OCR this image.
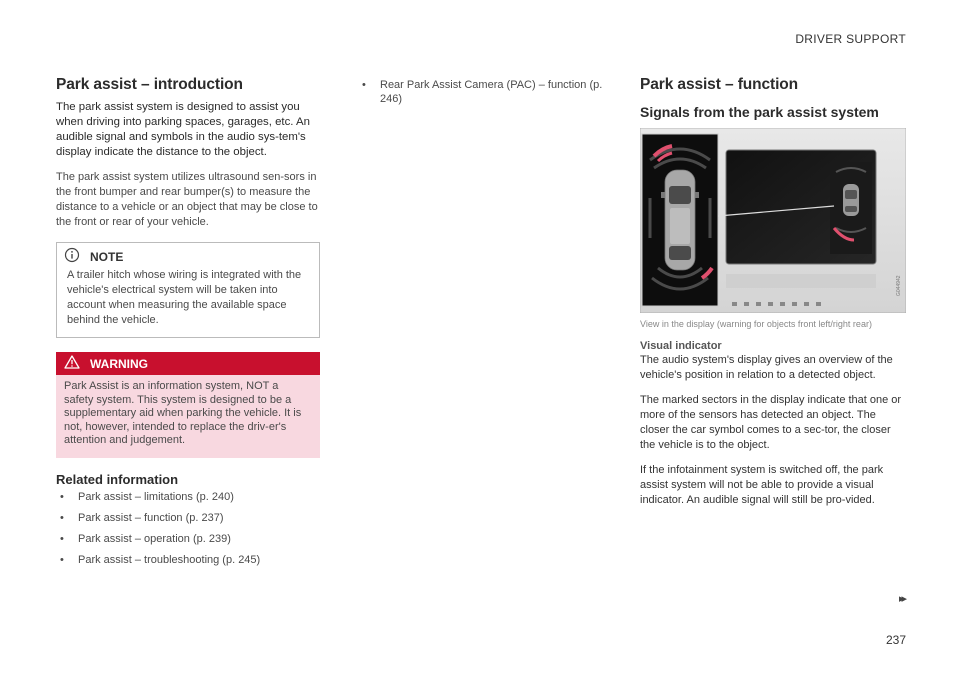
DRIVER SUPPORT
Park assist – introduction

The park assist system is designed to assist you when driving into parking spaces, garages, etc. An audible signal and symbols in the audio sys-tem's display indicate the distance to the object.

The park assist system utilizes ultrasound sen-sors in the front bumper and rear bumper(s) to measure the distance to a vehicle or an object that may be close to the front or rear of your vehicle.

NOTE

A trailer hitch whose wiring is integrated with the vehicle's electrical system will be taken into account when measuring the available space behind the vehicle.

WARNING

Park Assist is an information system, NOT a safety system. This system is designed to be a supplementary aid when parking the vehicle. It is not, however, intended to replace the driv-er's attention and judgement.

Related information
• Park assist – limitations (p. 240)
• Park assist – function (p. 237)
• Park assist – operation (p. 239)
• Park assist – troubleshooting (p. 245)
• Rear Park Assist Camera (PAC) – function (p. 246)
Park assist – function
Signals from the park assist system
G044942

View in the display (warning for objects front left/right rear)

Visual indicator

The audio system's display gives an overview of the vehicle's position in relation to a detected object.

The marked sectors in the display indicate that one or more of the sensors has detected an object. The closer the car symbol comes to a sec-tor, the closer the vehicle is to the object.

If the infotainment system is switched off, the park assist system will not be able to provide a visual indicator. An audible signal will still be pro-vided.

▸▸
237
